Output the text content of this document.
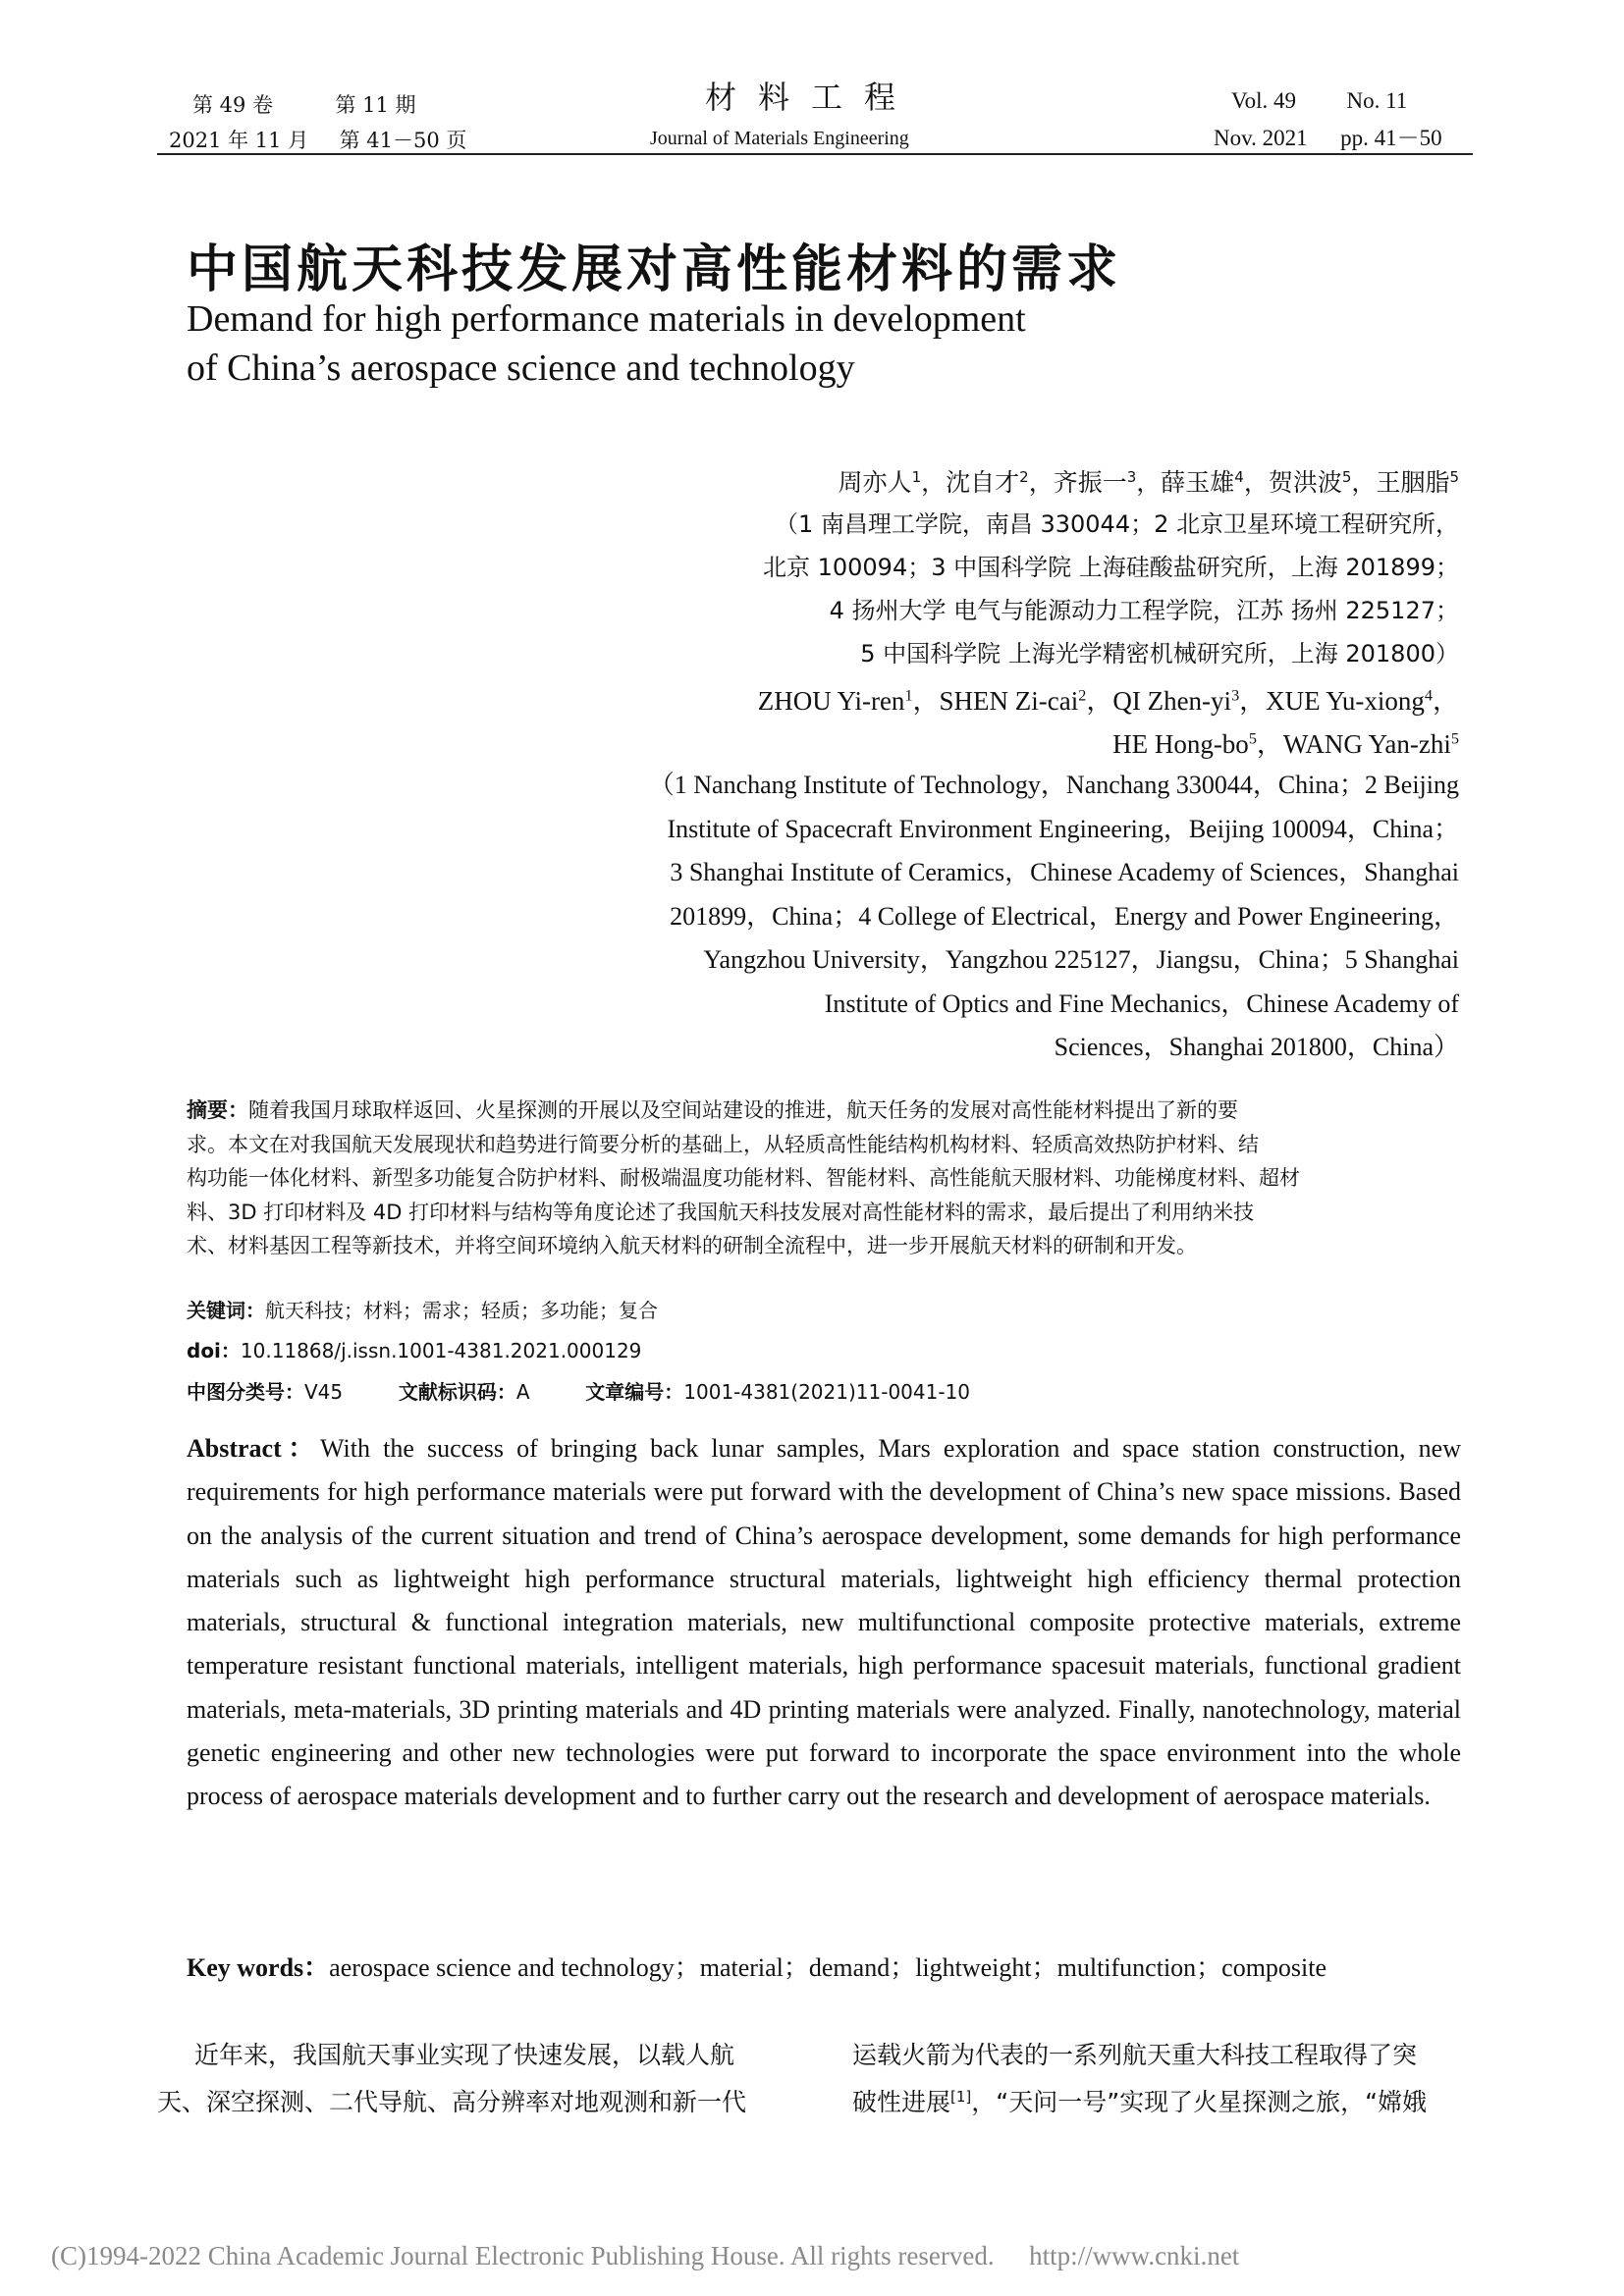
第 49 卷	第 11 期
2021 年 11 月 第 41－50 页
材料工程
Journal of Materials Engineering
Vol. 49 No. 11
Nov. 2021 pp. 41－50
中国航天科技发展对高性能材料的需求
Demand for high performance materials in development
of China’s aerospace science and technology
周亦人$^1$，沈自才$^2$，齐振一$^3$，薛玉雄$^4$，贺洪波$^5$，王胭脂$^5$
（1 南昌理工学院，南昌 330044；2 北京卫星环境工程研究所，
北京 100094；3 中国科学院 上海硅酸盐研究所，上海 201899；
4 扬州大学 电气与能源动力工程学院，江苏 扬州 225127；
5 中国科学院 上海光学精密机械研究所，上海 201800）
ZHOU Yi-ren$^1$，SHEN Zi-cai$^2$，QI Zhen-$yi^3$，XUE Yu-xiong$^4$，
HE Hong-$bo^5$，WANG Yan-zhi$^5$
（1 Nanchang Institute of Technology，Nanchang 330044，China；2 Beijing
Institute of Spacecraft Environment Engineering，Beijing 100094，China；
3 Shanghai Institute of Ceramics，Chinese Academy of Sciences，Shanghai
201899，China；4 College of Electrical，Energy and Power Engineering，
Yangzhou University，Yangzhou 225127，Jiangsu，China；5 Shanghai
Institute of Optics and Fine Mechanics，Chinese Academy of
Sciences，Shanghai 201800，China）
摘要：随着我国月球取样返回、火星探测的开展以及空间站建设的推进，航天任务的发展对高性能材料提出了新的要
求。本文在对我国航天发展现状和趋势进行简要分析的基础上，从轻质高性能结构机构材料、轻质高效热防护材料、结
构功能一体化材料、新型多功能复合防护材料、耐极端温度功能材料、智能材料、高性能航天服材料、功能梯度材料、超材
料、3D 打印材料及 4D 打印材料与结构等角度论述了我国航天科技发展对高性能材料的需求，最后提出了利用纳米技
术、材料基因工程等新技术，并将空间环境纳入航天材料的研制全流程中，进一步开展航天材料的研制和开发。
关键词：航天科技；材料；需求；轻质；多功能；复合
doi：10.11868/j.issn.1001-4381.2021.000129
中图分类号：V45	文献标识码：A	文章编号：1001-4381(2021)11-0041-10

Abstract：With the success of bringing back lunar samples, Mars exploration and space station construction, new requirements for high performance materials were put forward with the development of China’s new space missions. Based on the analysis of the current situation and trend of China’s aerospace development, some demands for high performance materials such as lightweight high performance structural materials, lightweight high efficiency thermal protection materials, structural & functional integration materials, new multifunctional composite protective materials, extreme temperature resistant functional materials, intelligent materials, high performance spacesuit materials, functional gradient materials, meta-materials, 3D printing materials and 4D printing materials were analyzed. Finally, nanotechnology, material genetic engineering and other new technologies were put forward to incorporate the space environment into the whole process of aerospace materials development and to further carry out the research and development of aerospace materials.

Key words：aerospace science and technology；material；demand；lightweight；multifunction；composite
近年来，我国航天事业实现了快速发展，以载人航
天、深空探测、二代导航、高分辨率对地观测和新一代
运载火箭为代表的一系列航天重大科技工程取得了突
破性进展[1]，“天问一号”实现了火星探测之旅，“嫦娥
(C)1994-2022 China Academic Journal Electronic Publishing House. All rights reserved. http://www.cnki.net
